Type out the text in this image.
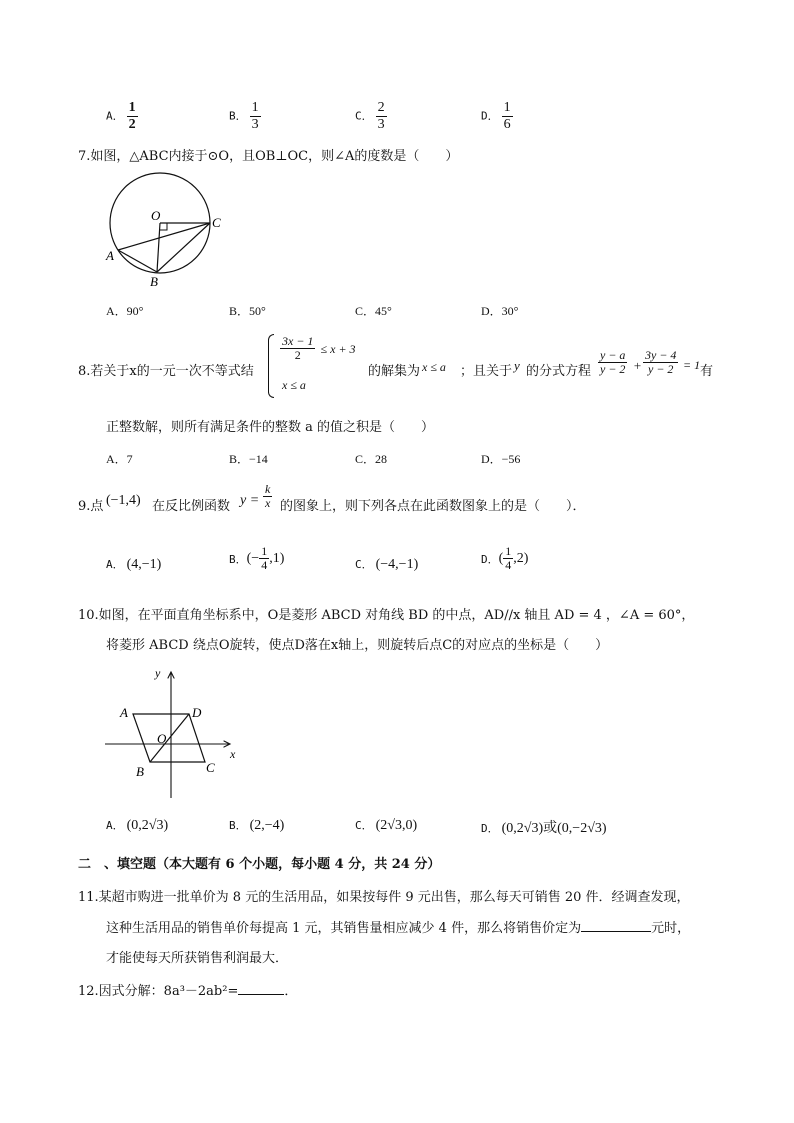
A． $\frac{1}{2}$	B． $\frac{1}{3}$	C． $\frac{2}{3}$	D． $\frac{1}{6}$
7.如图，△ABC内接于⊙O，且OB⊥OC，则∠A的度数是（　　）
O	C
A
B
A．90°	B．50°	C．45°	D．30°
8.若关于x的一元一次不等式结
$\frac{3x - 1}{2} \le x + 3$
x ≤ a
的解集为 x ≤ a ；且关于 y 的分式方程 $\frac{y - a}{y - 2} + \frac{3y - 4}{y - 2} = 1$ 有
正整数解，则所有满足条件的整数 a 的值之积是（　　）
A．7	B．−14	C．28	D．−56
9.点 (−1,4) 在反比例函数 $y = \frac{k}{x}$ 的图象上，则下列各点在此函数图象上的是（　　）．
A． (4,−1)	B． (− $\frac{1}{4} ,1$)	C． (−4,−1)	D． ( $\frac{1}{4} ,2$)
10.如图，在平面直角坐标系中，O是菱形 ABCD 对角线 BD 的中点，AD//x 轴且 AD = 4 ，∠A = 60°，
将菱形 ABCD 绕点O旋转，使点D落在x轴上，则旋转后点C的对应点的坐标是（　　）
y
x
A	D
O
B	C
A． (0,2√3)	B． (2,−4)	C． (2√3,0)	D． (0,2√3)或(0,−2√3)
二　、填空题（本大题有 6 个小题，每小题 4 分，共 24 分）
11.某超市购进一批单价为 8 元的生活用品，如果按每件 9 元出售，那么每天可销售 20 件．经调查发现，
这种生活用品的销售单价每提高 1 元，其销售量相应减少 4 件，那么将销售价定为	元时，
才能使每天所获销售利润最大．
12.因式分解：8a³－2ab²=	．
